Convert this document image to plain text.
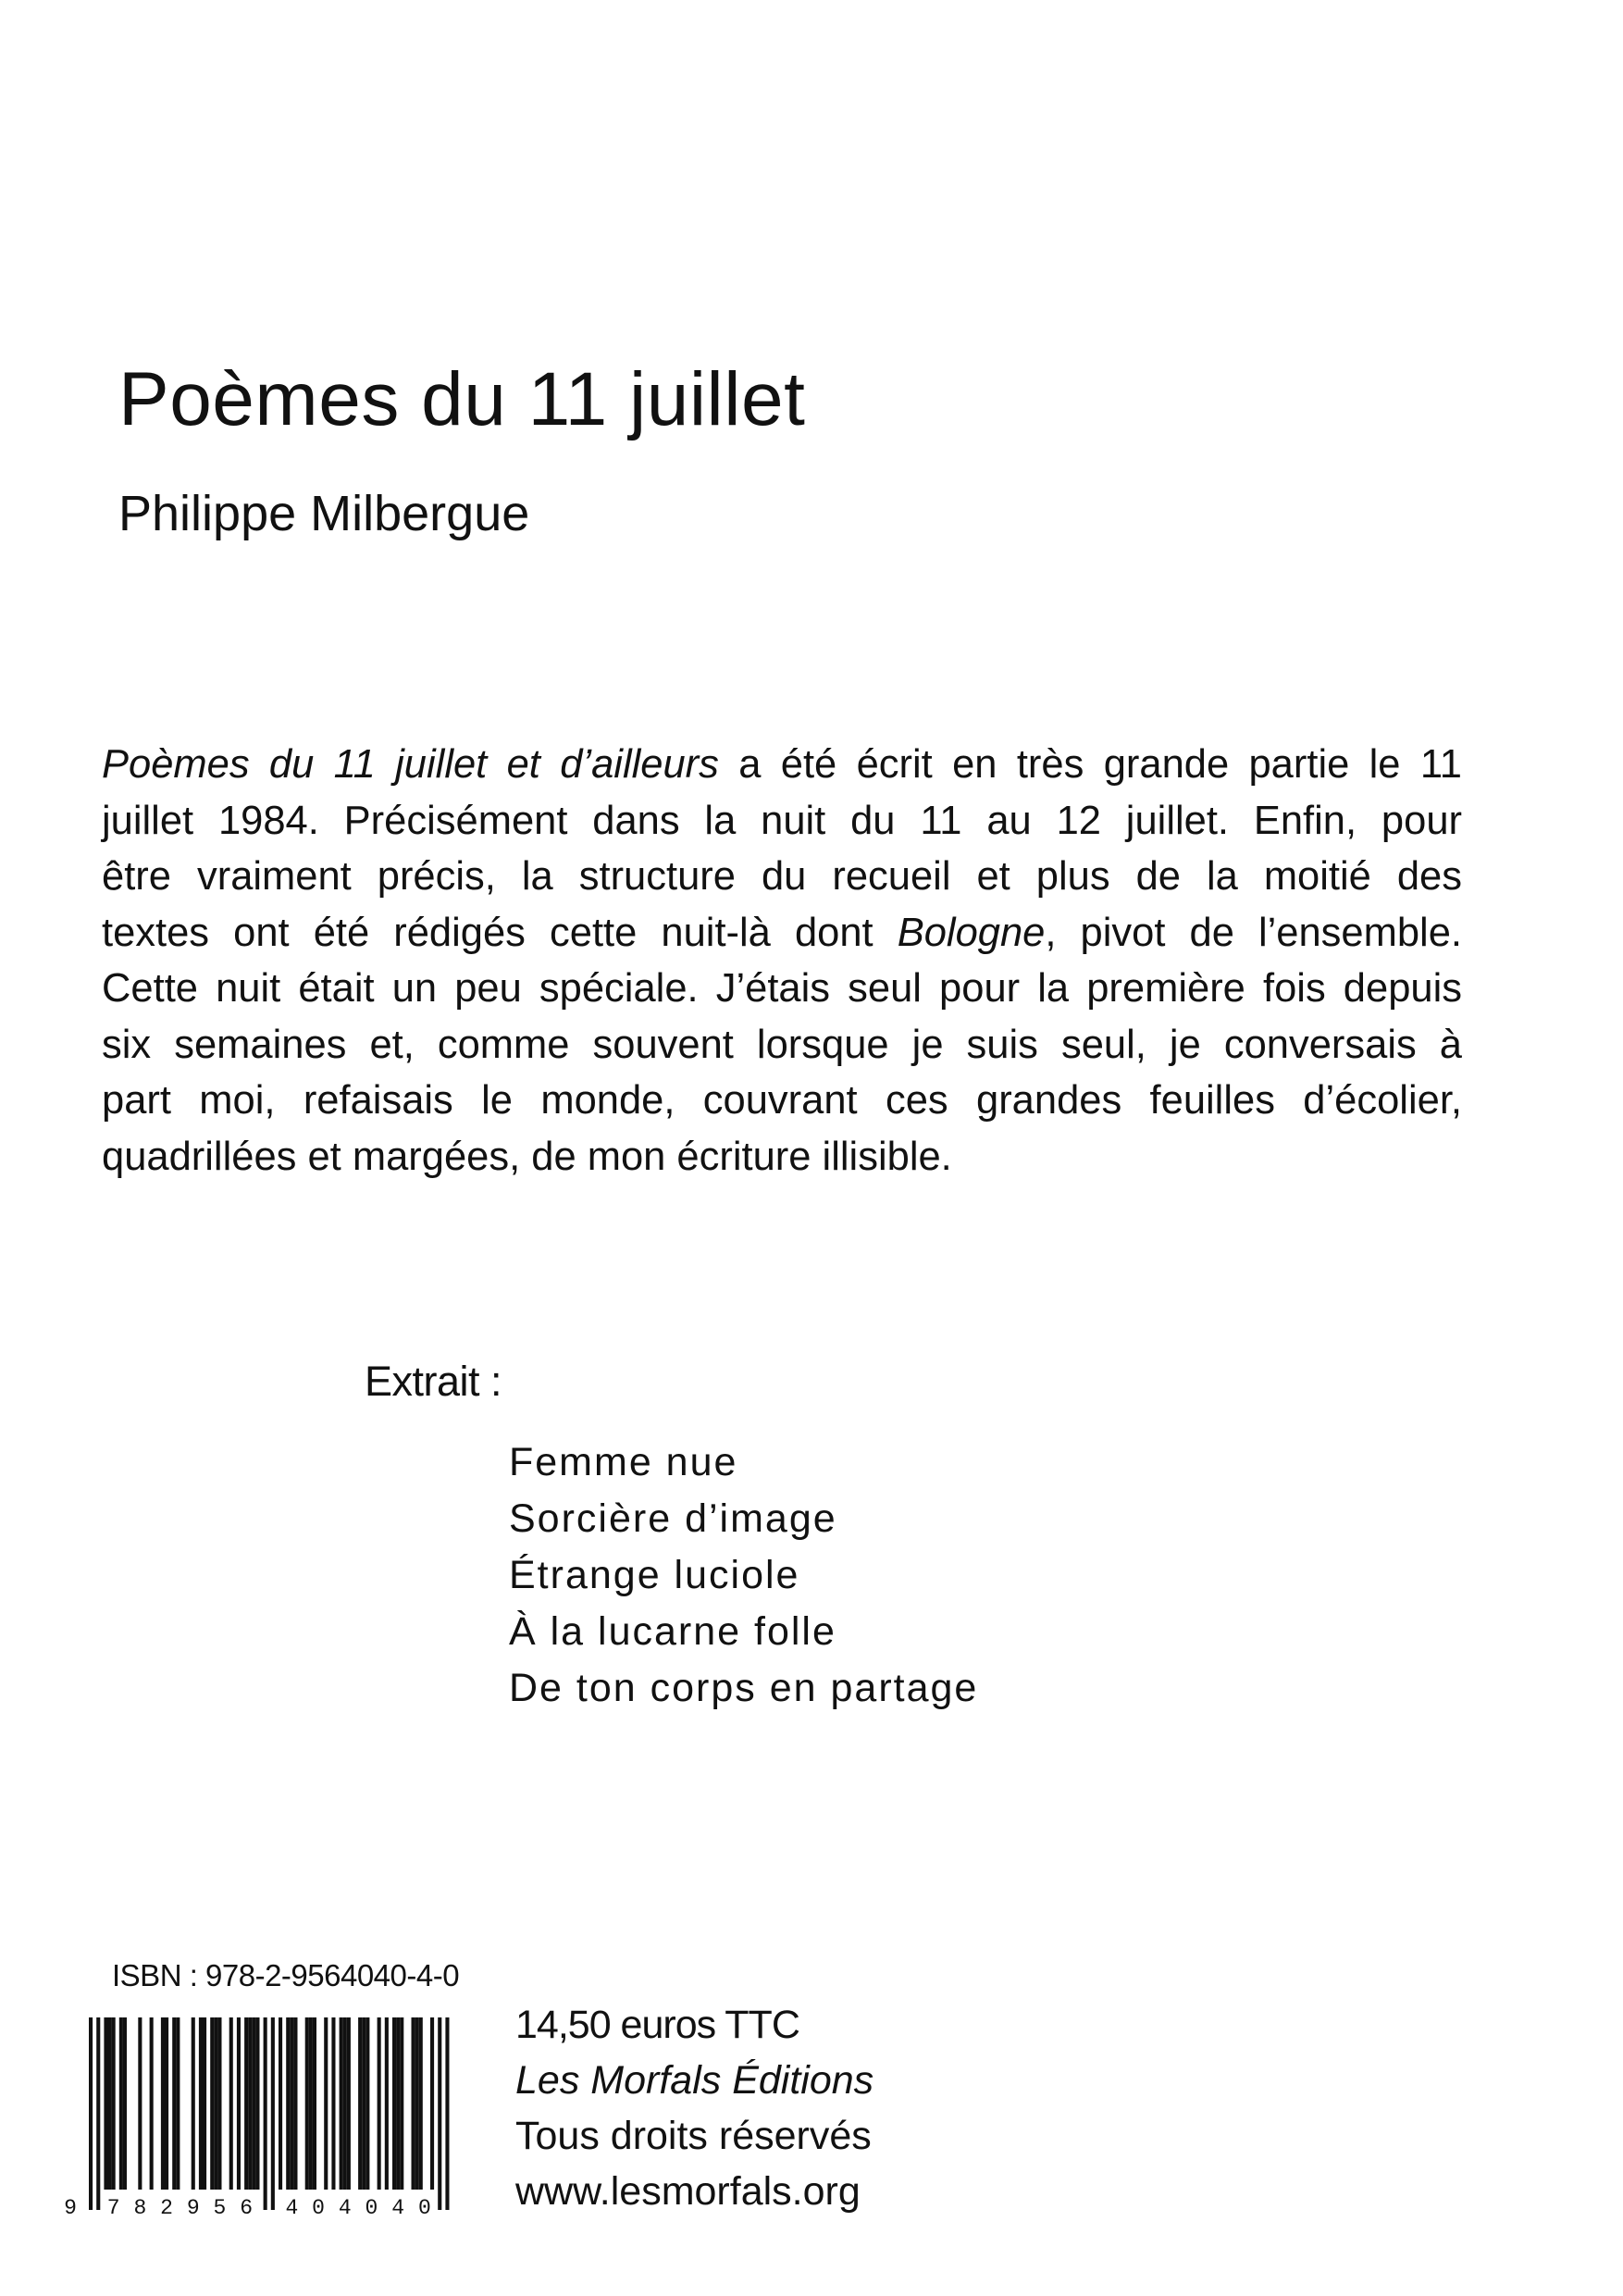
Poèmes du 11 juillet
Philippe Milbergue
Poèmes du 11 juillet et d’ailleurs a été écrit en très grande partie le 11
juillet 1984. Précisément dans la nuit du 11 au 12 juillet. Enfin, pour
être vraiment précis, la structure du recueil et plus de la moitié des
textes ont été rédigés cette nuit-là dont Bologne, pivot de l’ensemble.
Cette nuit était un peu spéciale. J’étais seul pour la première fois depuis
six semaines et, comme souvent lorsque je suis seul, je conversais à
part moi, refaisais le monde, couvrant ces grandes feuilles d’écolier,
quadrillées et margées, de mon écriture illisible.
Extrait :
Femme nue
Sorcière d’image
Étrange luciole
À la lucarne folle
De ton corps en partage
ISBN : 978-2-9564040-4-0
9 7 8 2 9 5 6 4 0 4 0 4 0
14,50 euros TTC
Les Morfals Éditions
Tous droits réservés
www.lesmorfals.org
